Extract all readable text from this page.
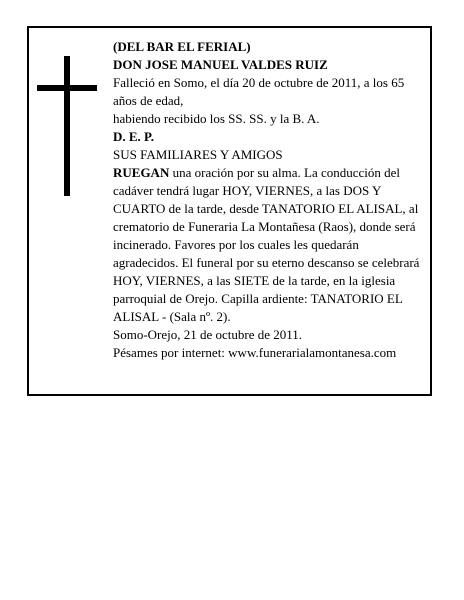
(DEL BAR EL FERIAL)

DON JOSE MANUEL VALDES RUIZ

Falleció en Somo, el día 20 de octubre de 2011, a los 65 años de edad,

habiendo recibido los SS. SS. y la B. A.

D. E. P.

SUS FAMILIARES Y AMIGOS

RUEGAN una oración por su alma. La conducción del cadáver tendrá lugar HOY, VIERNES, a las DOS Y CUARTO de la tarde, desde TANATORIO EL ALISAL, al crematorio de Funeraria La Montañesa (Raos), donde será incinerado. Favores por los cuales les quedarán agradecidos. El funeral por su eterno descanso se celebrará HOY, VIERNES, a las SIETE de la tarde, en la iglesia parroquial de Orejo. Capilla ardiente: TANATORIO EL ALISAL - (Sala nº. 2).

Somo-Orejo, 21 de octubre de 2011.

Pésames por internet: www.funerarialamontanesa.com
